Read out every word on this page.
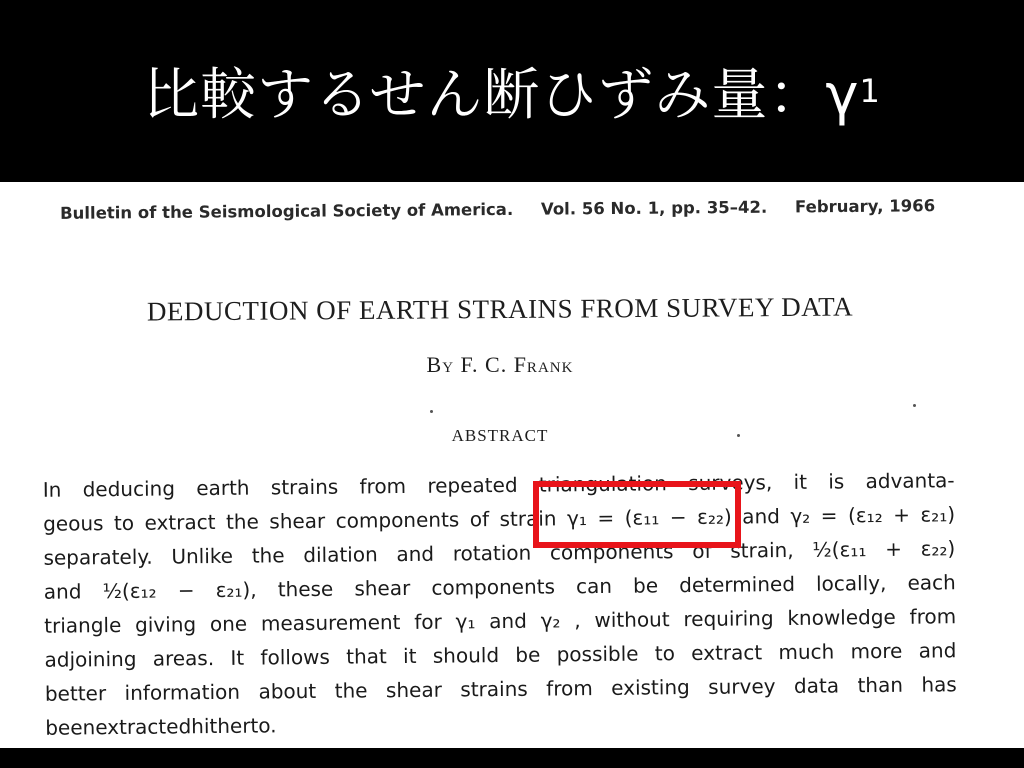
比較するせん断ひずみ量：γ 1
Bulletin of the Seismological Society of America. Vol. 56 No. 1, pp. 35–42. February, 1966
DEDUCTION OF EARTH STRAINS FROM SURVEY DATA
By F. C. Frank
ABSTRACT
In deducing earth strains from repeated triangulation surveys, it is advanta-
geous to extract the shear components of strain γ₁ = (ε₁₁ − ε₂₂) and γ₂ = (ε₁₂ + ε₂₁)
separately. Unlike the dilation and rotation components of strain, ½(ε₁₁ + ε₂₂)
and ½(ε₁₂ − ε₂₁), these shear components can be determined locally, each
triangle giving one measurement for γ₁ and γ₂ , without requiring knowledge from
adjoining areas. It follows that it should be possible to extract much more and
better information about the shear strains from existing survey data than has
been extracted hitherto.
